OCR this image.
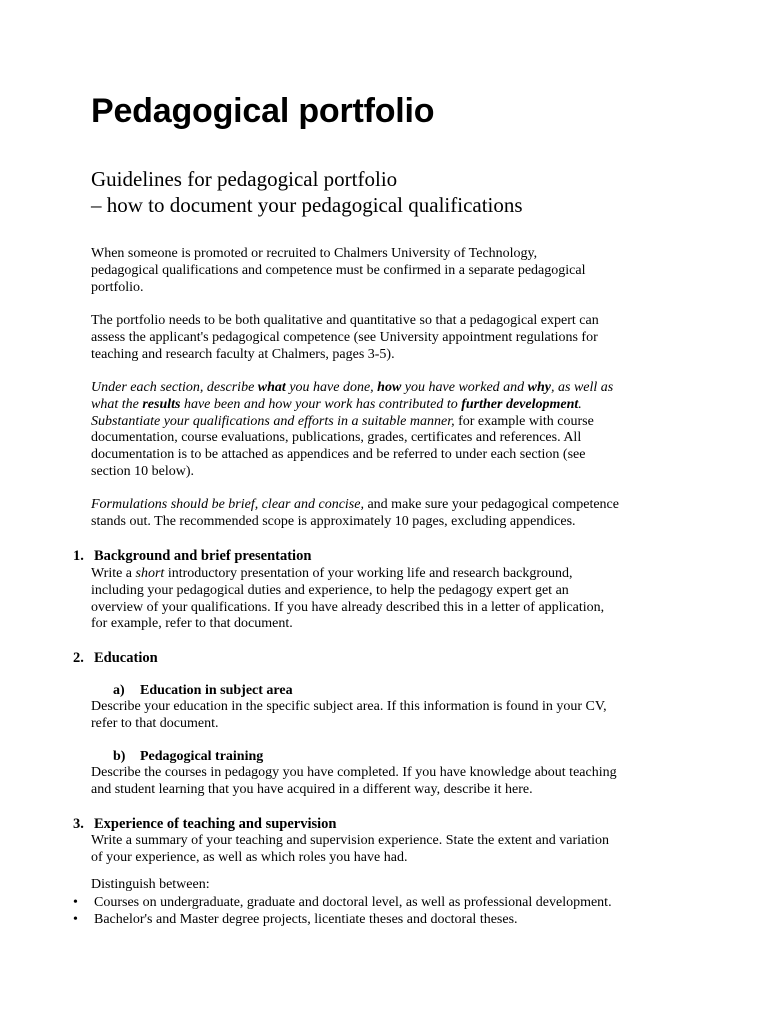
Pedagogical portfolio
Guidelines for pedagogical portfolio
– how to document your pedagogical qualifications

When someone is promoted or recruited to Chalmers University of Technology,
pedagogical qualifications and competence must be confirmed in a separate pedagogical
portfolio.

The portfolio needs to be both qualitative and quantitative so that a pedagogical expert can
assess the applicant's pedagogical competence (see University appointment regulations for
teaching and research faculty at Chalmers, pages 3-5).

Under each section, describe what you have done, how you have worked and why, as well as
what the results have been and how your work has contributed to further development.
Substantiate your qualifications and efforts in a suitable manner, for example with course
documentation, course evaluations, publications, grades, certificates and references. All
documentation is to be attached as appendices and be referred to under each section (see
section 10 below).

Formulations should be brief, clear and concise, and make sure your pedagogical competence
stands out. The recommended scope is approximately 10 pages, excluding appendices.

1. Background and brief presentation

Write a short introductory presentation of your working life and research background,
including your pedagogical duties and experience, to help the pedagogy expert get an
overview of your qualifications. If you have already described this in a letter of application,
for example, refer to that document.

2. Education
a) Education in subject area

Describe your education in the specific subject area. If this information is found in your CV,
refer to that document.

b) Pedagogical training

Describe the courses in pedagogy you have completed. If you have knowledge about teaching
and student learning that you have acquired in a different way, describe it here.

3. Experience of teaching and supervision

Write a summary of your teaching and supervision experience. State the extent and variation
of your experience, as well as which roles you have had.

Distinguish between:

• Courses on undergraduate, graduate and doctoral level, as well as professional development.
• Bachelor's and Master degree projects, licentiate theses and doctoral theses.
